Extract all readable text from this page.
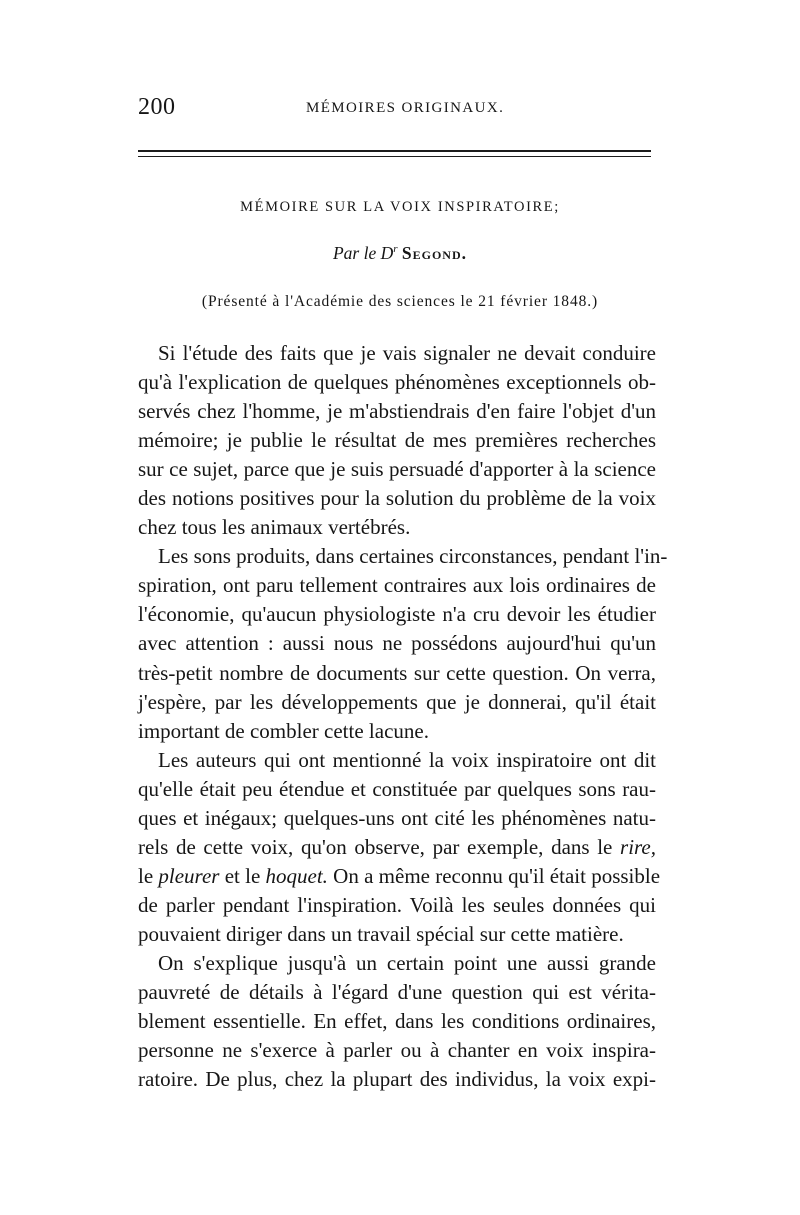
200	MÉMOIRES ORIGINAUX.
MÉMOIRE SUR LA VOIX INSPIRATOIRE;
Par le $D^r$ Segond.
(Présenté à l'Académie des sciences le 21 février 1848.)
Si l'étude des faits que je vais signaler ne devait conduire
qu'à l'explication de quelques phénomènes exceptionnels ob-
servés chez l'homme, je m'abstiendrais d'en faire l'objet d'un
mémoire; je publie le résultat de mes premières recherches
sur ce sujet, parce que je suis persuadé d'apporter à la science
des notions positives pour la solution du problème de la voix
chez tous les animaux vertébrés.
Les sons produits, dans certaines circonstances, pendant l'in-
spiration, ont paru tellement contraires aux lois ordinaires de
l'économie, qu'aucun physiologiste n'a cru devoir les étudier
avec attention : aussi nous ne possédons aujourd'hui qu'un
très-petit nombre de documents sur cette question. On verra,
j'espère, par les développements que je donnerai, qu'il était
important de combler cette lacune.
Les auteurs qui ont mentionné la voix inspiratoire ont dit
qu'elle était peu étendue et constituée par quelques sons rau-
ques et inégaux; quelques-uns ont cité les phénomènes natu-
rels de cette voix, qu'on observe, par exemple, dans le rire,
le pleurer et le hoquet. On a même reconnu qu'il était possible
de parler pendant l'inspiration. Voilà les seules données qui
pouvaient diriger dans un travail spécial sur cette matière.
On s'explique jusqu'à un certain point une aussi grande
pauvreté de détails à l'égard d'une question qui est vérita-
blement essentielle. En effet, dans les conditions ordinaires,
personne ne s'exerce à parler ou à chanter en voix inspira-
ratoire. De plus, chez la plupart des individus, la voix expi-
